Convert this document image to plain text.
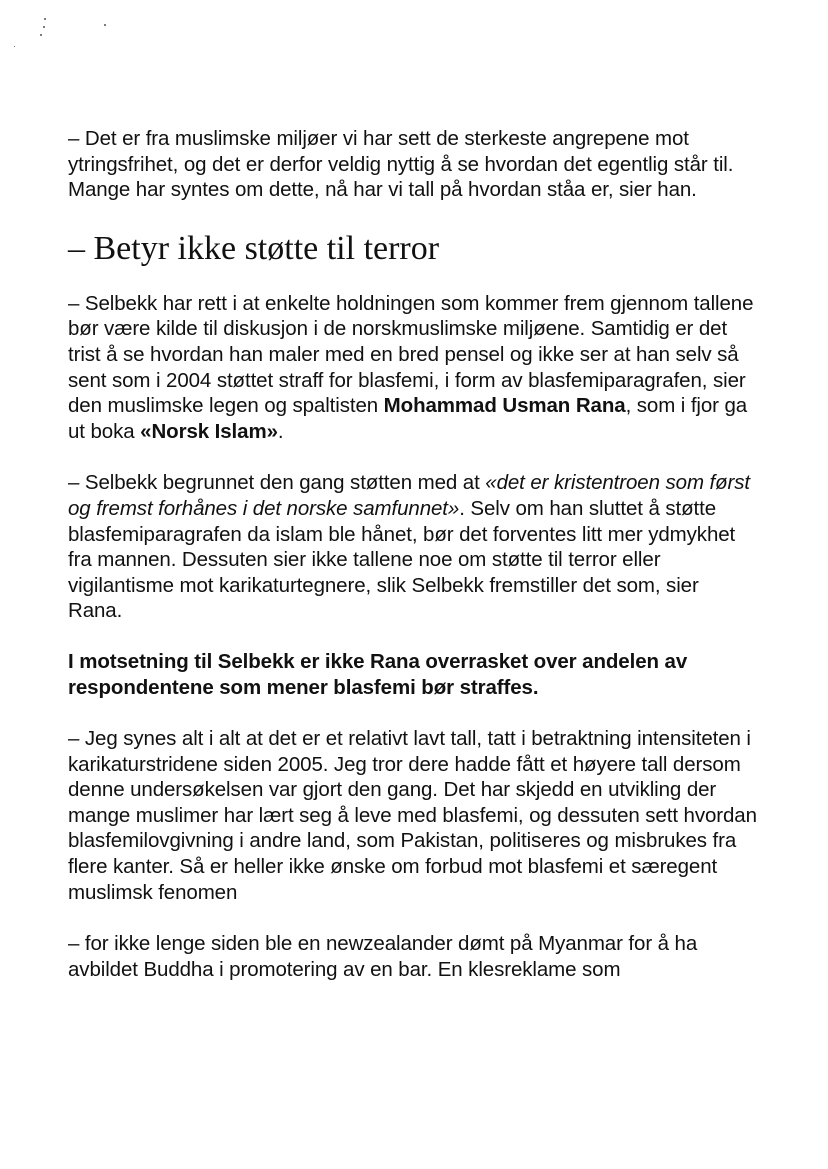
– Det er fra muslimske miljøer vi har sett de sterkeste angrepene mot ytringsfrihet, og det er derfor veldig nyttig å se hvordan det egentlig står til. Mange har syntes om dette, nå har vi tall på hvordan ståa er, sier han.

– Betyr ikke støtte til terror

– Selbekk har rett i at enkelte holdningen som kommer frem gjennom tallene bør være kilde til diskusjon i de norskmuslimske miljøene. Samtidig er det trist å se hvordan han maler med en bred pensel og ikke ser at han selv så sent som i 2004 støttet straff for blasfemi, i form av blasfemiparagrafen, sier den muslimske legen og spaltisten Mohammad Usman Rana, som i fjor ga ut boka «Norsk Islam».

– Selbekk begrunnet den gang støtten med at «det er kristentroen som først og fremst forhånes i det norske samfunnet». Selv om han sluttet å støtte blasfemiparagrafen da islam ble hånet, bør det forventes litt mer ydmykhet fra mannen. Dessuten sier ikke tallene noe om støtte til terror eller vigilantisme mot karikaturtegnere, slik Selbekk fremstiller det som, sier Rana.

I motsetning til Selbekk er ikke Rana overrasket over andelen av respondentene som mener blasfemi bør straffes.

– Jeg synes alt i alt at det er et relativt lavt tall, tatt i betraktning intensiteten i karikaturstridene siden 2005. Jeg tror dere hadde fått et høyere tall dersom denne undersøkelsen var gjort den gang. Det har skjedd en utvikling der mange muslimer har lært seg å leve med blasfemi, og dessuten sett hvordan blasfemilovgivning i andre land, som Pakistan, politiseres og misbrukes fra flere kanter. Så er heller ikke ønske om forbud mot blasfemi et særegent muslimsk fenomen

– for ikke lenge siden ble en newzealander dømt på Myanmar for å ha avbildet Buddha i promotering av en bar. En klesreklame som
